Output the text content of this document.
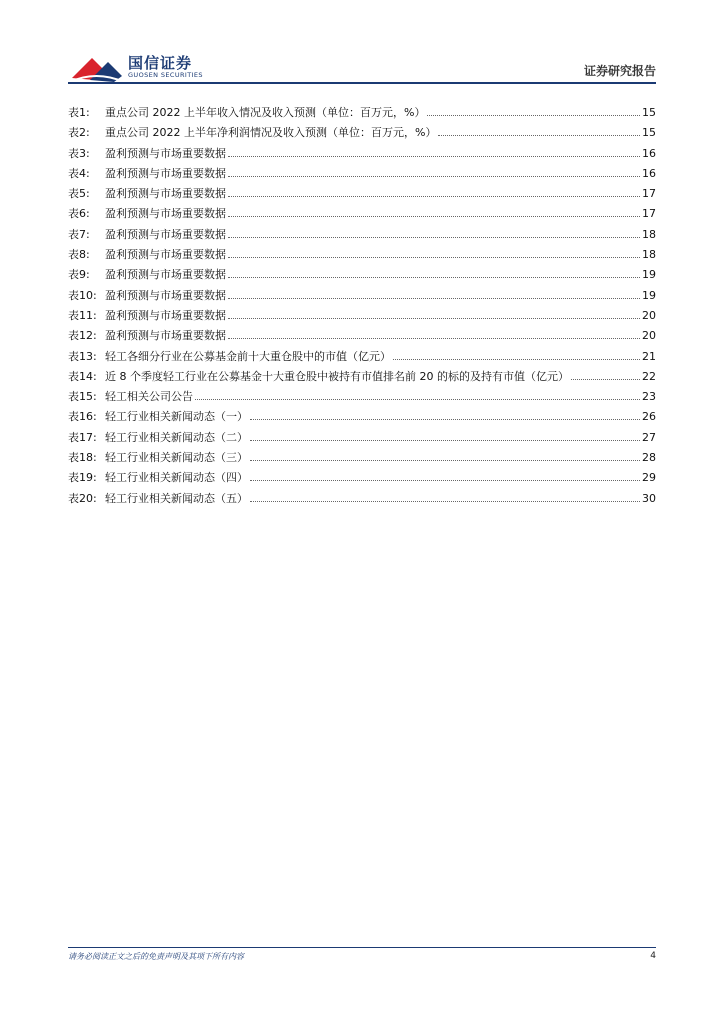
国信证券
GUOSEN SECURITIES	证券研究报告
表1:	重点公司 2022 上半年收入情况及收入预测（单位：百万元，%）	15
表2:	重点公司 2022 上半年净利润情况及收入预测（单位：百万元，%）	15
表3:	盈利预测与市场重要数据	16
表4:	盈利预测与市场重要数据	16
表5:	盈利预测与市场重要数据	17
表6:	盈利预测与市场重要数据	17
表7:	盈利预测与市场重要数据	18
表8:	盈利预测与市场重要数据	18
表9:	盈利预测与市场重要数据	19
表10: 盈利预测与市场重要数据	19
表11: 盈利预测与市场重要数据	20
表12: 盈利预测与市场重要数据	20
表13: 轻工各细分行业在公募基金前十大重仓股中的市值（亿元）	21
表14: 近 8 个季度轻工行业在公募基金十大重仓股中被持有市值排名前 20 的标的及持有市值（亿元）	22
表15: 轻工相关公司公告	23
表16: 轻工行业相关新闻动态（一）	26
表17: 轻工行业相关新闻动态（二）	27
表18: 轻工行业相关新闻动态（三）	28
表19: 轻工行业相关新闻动态（四）	29
表20: 轻工行业相关新闻动态（五）	30
请务必阅读正文之后的免责声明及其项下所有内容	4
